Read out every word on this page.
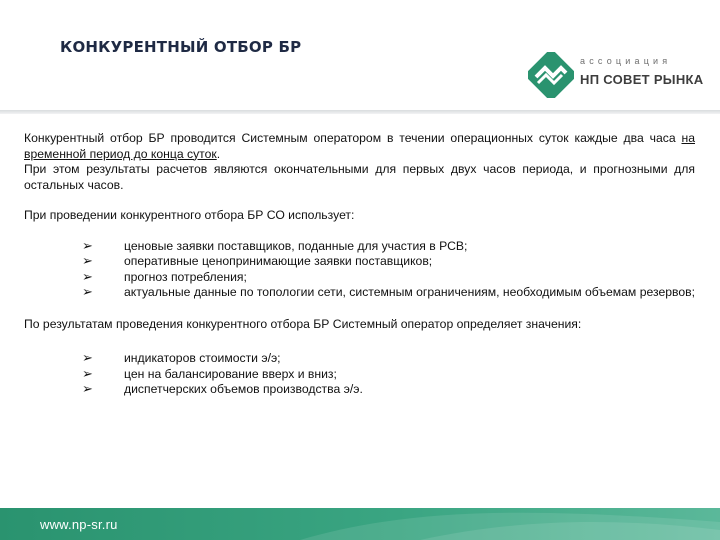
КОНКУРЕНТНЫЙ ОТБОР БР
ассоциация
НП СОВЕТ РЫНКА

Конкурентный отбор БР проводится Системным оператором в течении операционных суток каждые два часа на временной период до конца суток.
При этом результаты расчетов являются окончательными для первых двух часов периода, и прогнозными для остальных часов.

При проведении конкурентного отбора БР СО использует:

➢	ценовые заявки поставщиков, поданные для участия в РСВ;
➢	оперативные ценопринимающие заявки поставщиков;
➢	прогноз потребления;
➢	актуальные данные по топологии сети, системным ограничениям, необходимым объемам резервов;

По результатам проведения конкурентного отбора БР Системный оператор определяет значения:

➢	индикаторов стоимости э/э;
➢	цен на балансирование вверх и вниз;
➢	диспетчерских объемов производства э/э.
www.np-sr.ru
